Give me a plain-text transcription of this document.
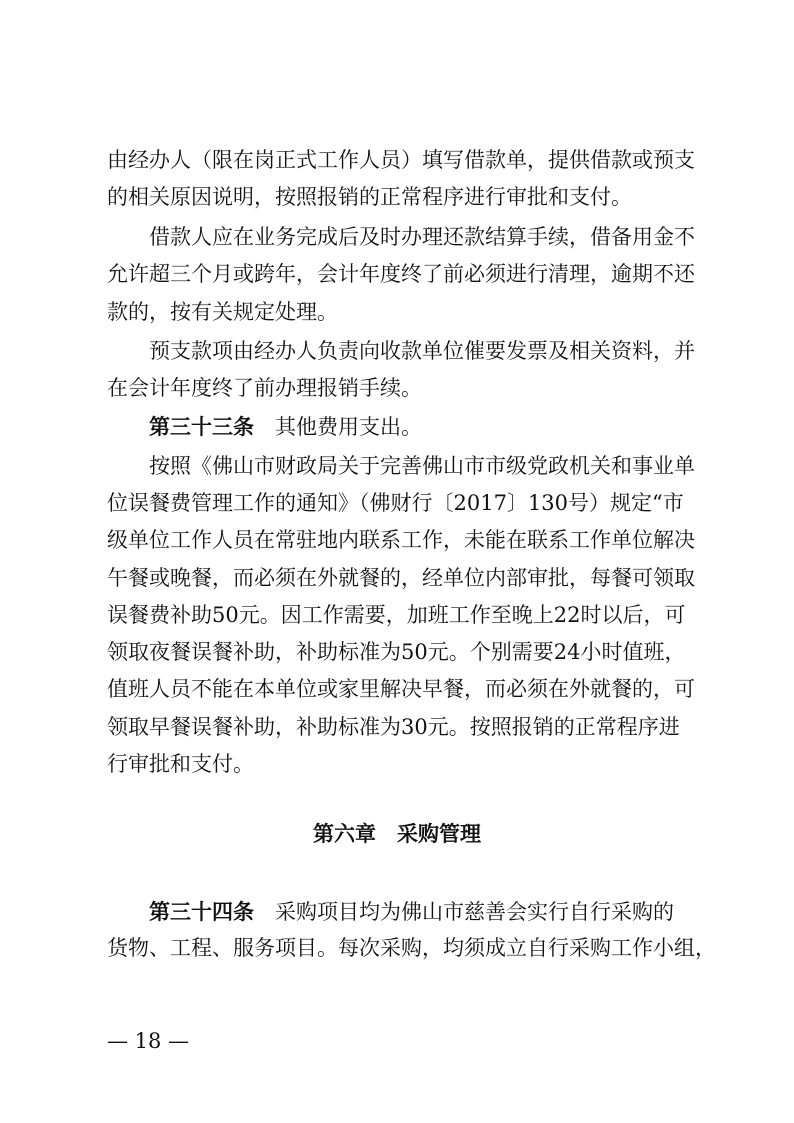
由经办人（限在岗正式工作人员）填写借款单，提供借款或预支
的相关原因说明，按照报销的正常程序进行审批和支付。
借款人应在业务完成后及时办理还款结算手续，借备用金不
允许超三个月或跨年，会计年度终了前必须进行清理，逾期不还
款的，按有关规定处理。
预支款项由经办人负责向收款单位催要发票及相关资料，并
在会计年度终了前办理报销手续。
第三十三条　 其他费用支出。
按照《佛山市财政局关于完善佛山市市级党政机关和事业单
位误餐费管理工作的通知》（佛财行〔2017〕130号）规定“市
级单位工作人员在常驻地内联系工作，未能在联系工作单位解决
午餐或晚餐，而必须在外就餐的，经单位内部审批，每餐可领取
误餐费补助50元。因工作需要，加班工作至晚上22时以后，可
领取夜餐误餐补助，补助标准为50元。个别需要24小时值班，
值班人员不能在本单位或家里解决早餐，而必须在外就餐的，可
领取早餐误餐补助，补助标准为30元。按照报销的正常程序进
行审批和支付。
第六章　采购管理
第三十四条　 采购项目均为佛山市慈善会实行自行采购的
货物、工程、服务项目。每次采购，均须成立自行采购工作小组，
— 18 —
